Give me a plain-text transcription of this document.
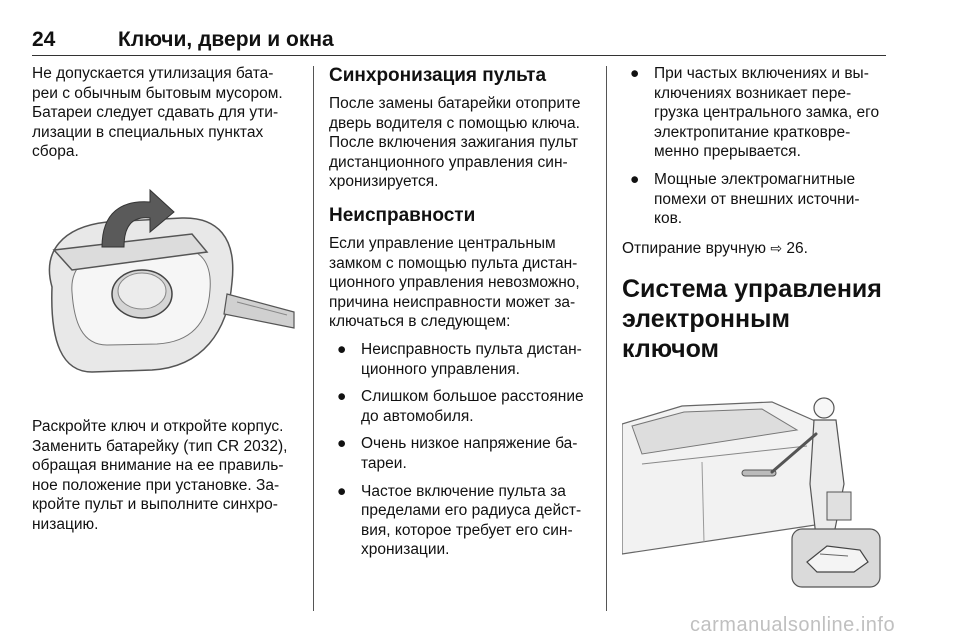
24	Ключи, двери и окна

Не допускается утилизация бата-
реи с обычным бытовым мусором.
Батареи следует сдавать для ути-
лизации в специальных пунктах
сбора.

Раскройте ключ и откройте корпус.
Заменить батарейку (тип CR 2032),
обращая внимание на ее правиль-
ное положение при установке. За-
кройте пульт и выполните синхро-
низацию.

Синхронизация пульта

После замены батарейки отоприте
дверь водителя с помощью ключа.
После включения зажигания пульт
дистанционного управления син-
хронизируется.

Неисправности

Если управление центральным
замком с помощью пульта дистан-
ционного управления невозможно,
причина неисправности может за-
ключаться в следующем:

● Неисправность пульта дистан-
ционного управления.
● Слишком большое расстояние
до автомобиля.
● Очень низкое напряжение ба-
тареи.
● Частое включение пульта за
пределами его радиуса дейст-
вия, которое требует его син-
хронизации.
● При частых включениях и вы-
ключениях возникает пере-
грузка центрального замка, его
электропитание кратковре-
менно прерывается.
● Мощные электромагнитные
помехи от внешних источни-
ков.

Отпирание вручную ⇨ 26.

Система управления
электронным ключом
carmanualsonline.info
